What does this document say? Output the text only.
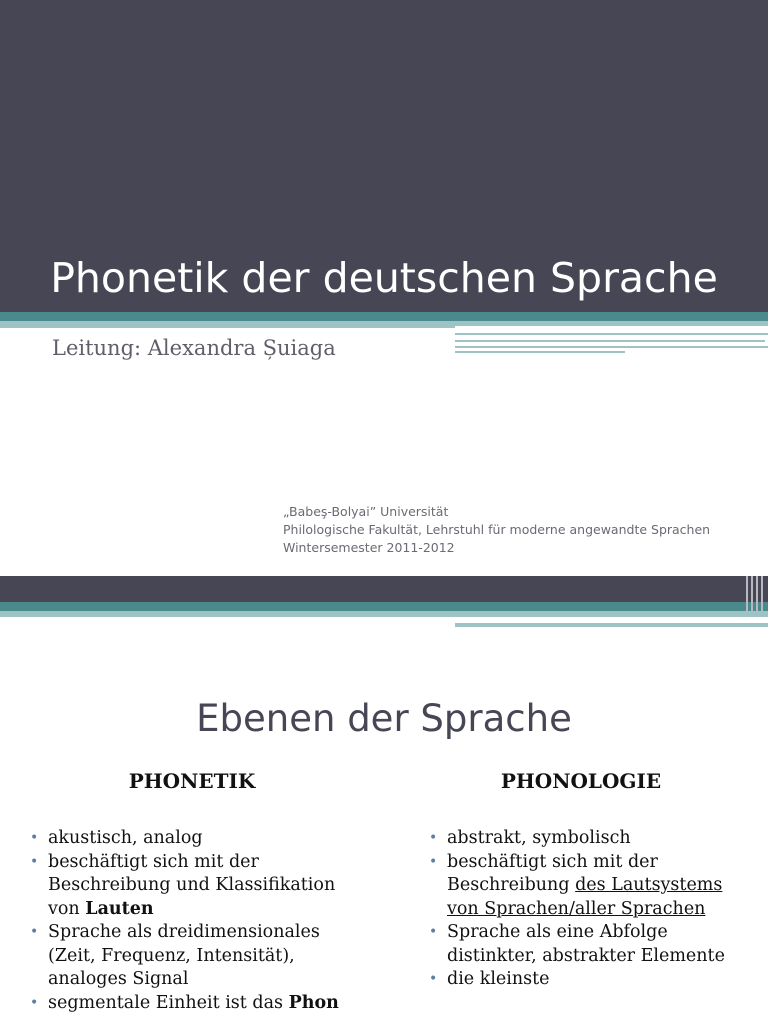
Phonetik der deutschen Sprache
Leitung: Alexandra Șuiaga
„Babeş-Bolyai” Universität
Philologische Fakultät, Lehrstuhl für moderne angewandte Sprachen
Wintersemester 2011-2012
Ebenen der Sprache
PHONETIK	PHONOLOGIE
• akustisch, analog
• beschäftigt sich mit der Beschreibung und Klassifikation von Lauten
• Sprache als dreidimensionales (Zeit, Frequenz, Intensität), analoges Signal
• segmentale Einheit ist das Phon
• abstrakt, symbolisch
• beschäftigt sich mit der Beschreibung des Lautsystems von Sprachen/aller Sprachen
• Sprache als eine Abfolge distinkter, abstrakter Elemente
• die kleinste
